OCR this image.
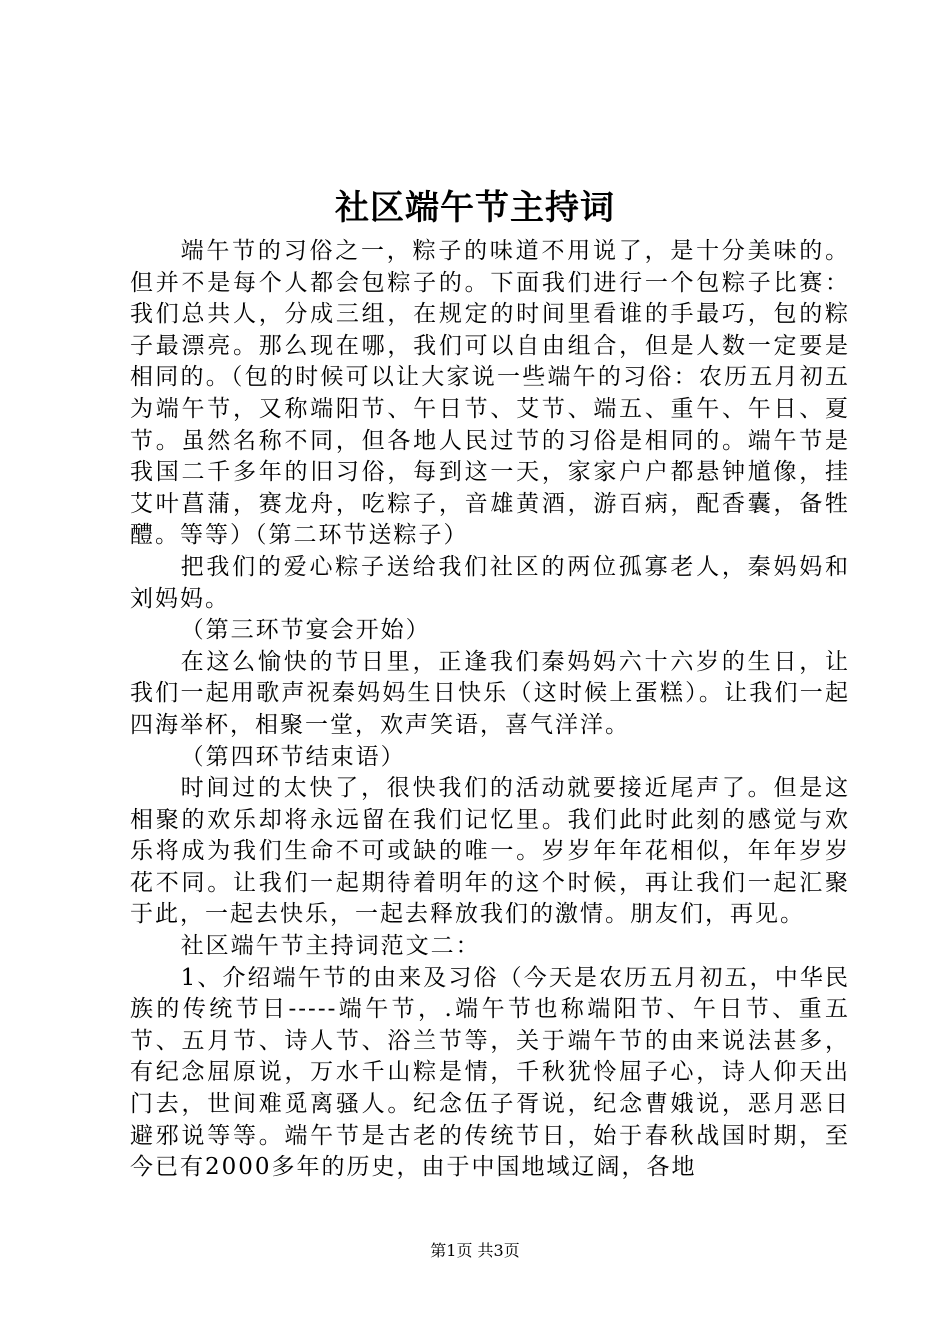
社区端午节主持词

端午节的习俗之一，粽子的味道不用说了，是十分美味的。但并不是每个人都会包粽子的。下面我们进行一个包粽子比赛：我们总共人，分成三组，在规定的时间里看谁的手最巧，包的粽子最漂亮。那么现在哪，我们可以自由组合，但是人数一定要是相同的。（包的时候可以让大家说一些端午的习俗：农历五月初五为端午节，又称端阳节、午日节、艾节、端五、重午、午日、夏节。虽然名称不同，但各地人民过节的习俗是相同的。端午节是我国二千多年的旧习俗，每到这一天，家家户户都悬钟馗像，挂艾叶菖蒲，赛龙舟，吃粽子，音雄黄酒，游百病，配香囊，备牲醴。等等）（第二环节送粽子）

把我们的爱心粽子送给我们社区的两位孤寡老人，秦妈妈和刘妈妈。

（第三环节宴会开始）

在这么愉快的节日里，正逢我们秦妈妈六十六岁的生日，让我们一起用歌声祝秦妈妈生日快乐（这时候上蛋糕）。让我们一起四海举杯，相聚一堂，欢声笑语，喜气洋洋。

（第四环节结束语）

时间过的太快了，很快我们的活动就要接近尾声了。但是这相聚的欢乐却将永远留在我们记忆里。我们此时此刻的感觉与欢乐将成为我们生命不可或缺的唯一。岁岁年年花相似，年年岁岁花不同。让我们一起期待着明年的这个时候，再让我们一起汇聚于此，一起去快乐，一起去释放我们的激情。朋友们，再见。

社区端午节主持词范文二：

1、介绍端午节的由来及习俗（今天是农历五月初五，中华民族的传统节日-----端午节，.端午节也称端阳节、午日节、重五节、五月节、诗人节、浴兰节等，关于端午节的由来说法甚多，有纪念屈原说，万水千山粽是情，千秋犹怜屈子心，诗人仰天出门去，世间难觅离骚人。纪念伍子胥说，纪念曹娥说，恶月恶日避邪说等等。端午节是古老的传统节日，始于春秋战国时期，至今已有2000多年的历史，由于中国地域辽阔，各地

第1页 共3页
